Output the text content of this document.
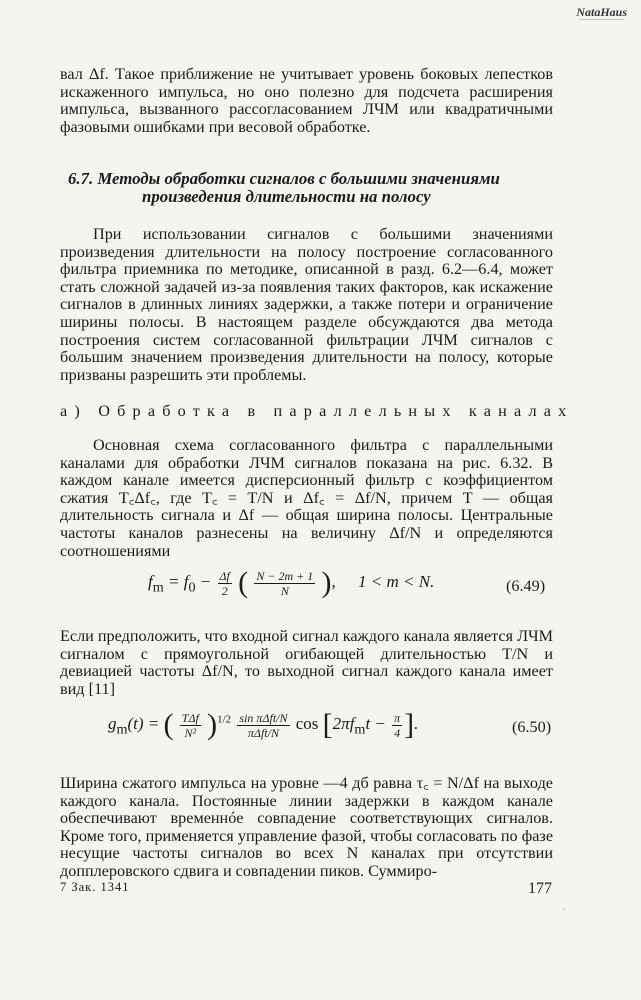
NataHaus
—————————

вал Δf. Такое приближение не учитывает уровень боковых лепестков искаженного импульса, но оно полезно для подсчета расширения импульса, вызванного рассогласованием ЛЧМ или квадратичными фазовыми ошибками при весовой обработке.

6.7. Методы обработки сигналов с большими значениями
произведения длительности на полосу

При использовании сигналов с большими значениями произведения длительности на полосу построение согласованного фильтра приемника по методике, описанной в разд. 6.2—6.4, может стать сложной задачей из-за появления таких факторов, как искажение сигналов в длинных линиях задержки, а также потери и ограничение ширины полосы. В настоящем разделе обсуждаются два метода построения систем согласованной фильтрации ЛЧМ сигналов с большим значением произведения длительности на полосу, которые призваны разрешить эти проблемы.

а) Обработка в параллельных каналах

Основная схема согласованного фильтра с параллельными каналами для обработки ЛЧМ сигналов показана на рис. 6.32. В каждом канале имеется дисперсионный фильтр с коэффициентом сжатия T꜀Δf꜀, где T꜀ = T/N и Δf꜀ = Δf/N, причем T — общая длительность сигнала и Δf — общая ширина полосы. Центральные частоты каналов разнесены на величину Δf/N и определяются соотношениями

$f_m = f_0 - \frac{\Delta f}{2}$ ( $\frac{N - 2m + 1}{N}$ ), 1 < m < N.	(6.49)

Если предположить, что входной сигнал каждого канала является ЛЧМ сигналом с прямоугольной огибающей длительностью T/N и девиацией частоты Δf/N, то выходной сигнал каждого канала имеет вид [11]

$g_m(t)$ = ( $\frac{\text{TΔf}}{\text{N²}} )^{1/2} \frac{\text{sin πΔft/N}}{\text{πΔft/N}}$ $\cos [2\pi f_mt - \frac{\pi}{4}$ ].	(6.50)

Ширина сжатого импульса на уровне —4 дб равна τ꜀ = N/Δf на выходе каждого канала. Постоянные линии задержки в каждом канале обеспечивают временнóе совпадение соответствующих сигналов. Кроме того, применяется управление фазой, чтобы согласовать по фазе несущие частоты сигналов во всех N каналах при отсутствии допплеровского сдвига и совпадении пиков. Суммиро-

7 Зак. 1341	177
·
